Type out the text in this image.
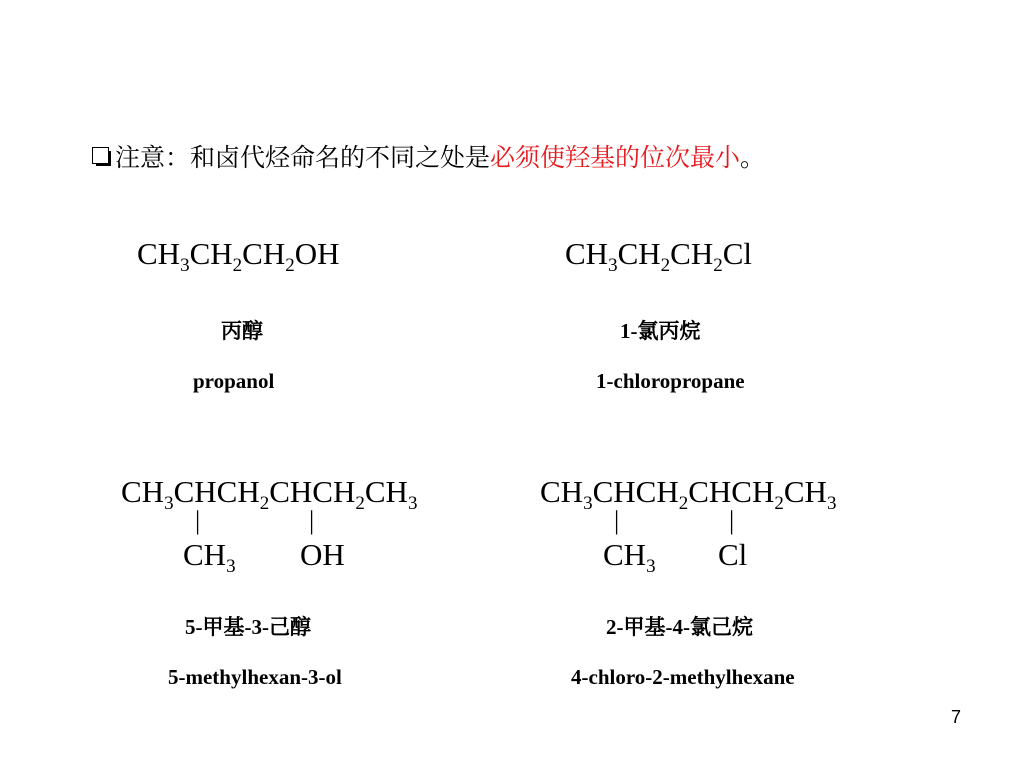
注意：和卤代烃命名的不同之处是必须使羟基的位次最小。
$CH_3CH_2CH_2OH$
丙醇
propanol
$CH_3CH_2CH_2Cl$
1-氯丙烷
1-chloropropane
$CH_3CHCH_2CHCH_2CH_3$
|	|
$CH_3$ OH
5-甲基-3-己醇
5-methylhexan-3-ol
$CH_3CHCH_2CHCH_2CH_3$
|	|
$CH_3$ Cl
2-甲基-4-氯己烷
4-chloro-2-methylhexane
7
